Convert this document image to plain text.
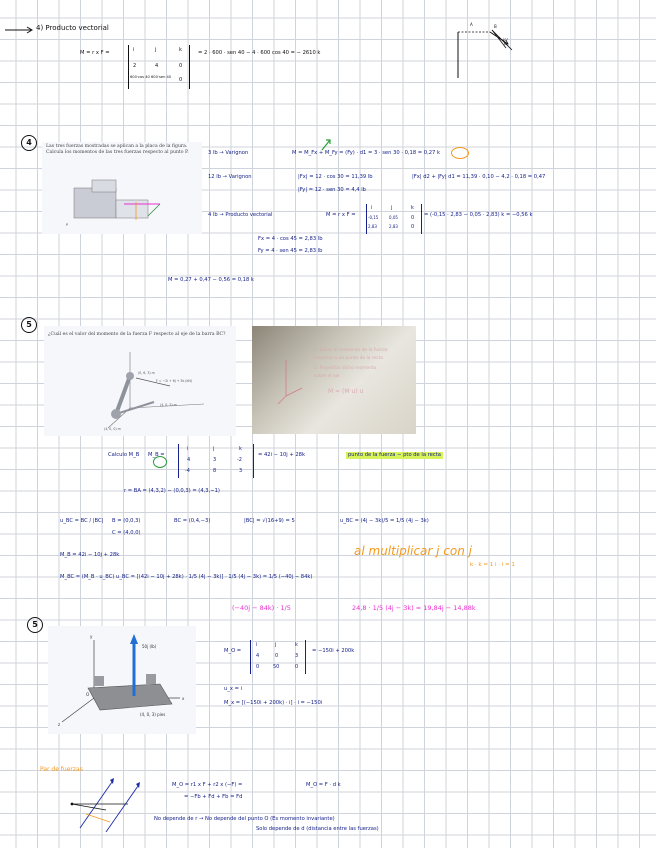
4) Producto vectorial
M = r x F =	i	j	k
2	4	0
600·cos 40 600·sen 40	0
= 2 · 600 · sen 40 − 4 · 600 cos 40 = − 2610 k
A	B
40°
4	Las tres fuerzas mostradas se aplican a la placa de la figura. Calcula los momentos de las tres fuerzas respecto al punto P.
P
3 lb → Varignon	M = M_Fx + M_Fy = (Fy) · d1 = 3 · sen 30 · 0,18 = 0,27 k
12 lb → Varignon	|Fx| = 12 · cos 30 = 11,39 lb
|Fy| = 12 · sen 30 = 4,4 lb
|Fx| d2 + |Fy| d1 = 11,39 · 0,10 − 4,2 · 0,18 = 0,47
4 lb → Producto vectorial	M = r x F =
i	j	k
-0,15	0,05	0
2,83	2,83	0
= (-0,15 · 2,83 − 0,05 · 2,83) k = −0,56 k
Fx = 4 · cos 45 = 2,83 lb
Fy = 4 · sen 45 = 2,83 lb
M = 0,27 + 0,47 − 0,56 = 0,18 k
5
¿Cuál es el valor del momento de la fuerza F respecto al eje de la barra BC?
(0, 6, 3) m
F = −2i + 6j + 3k (kN)
(4, 0, 2) m
(4, 0, 0) m
1. Saber el momento de la fuerza
respecto a un punto de la recta
2. Proyectar dicho momento
sobre el eje
M = (M·u) u
Calculo M_B M_B =
i	j	k
4	3	-2
-4	8	3
= 42i − 10j + 28k	punto de la fuerza − pto de la recta
r = BA = (4,3,2) − (0,0,3) = (4,3,−1)
u_BC = BC / |BC| B = (0,0,3)
C = (4,0,0)
BC = (0,4,−3)	|BC| = √(16+9) = 5	u_BC = (4j − 3k)/5 = 1/5 (4j − 3k)
M_B = 42i − 10j + 28k	al multiplicar j con j
k · k = 1 i · i = 1
M_BC = (M_B · u_BC) u_BC = [(42i − 10j + 28k) · 1/5 (4j − 3k)] · 1/5 (4j − 3k) = 1/5 (−40j − 84k)
(−40j − 84k) · 1/5	24,8 · 1/5 (4j − 3k) = 19,84j − 14,88k
5
y
x
z
O
50j (lb)
(4, 0, 3) pies
M_O =
i	j	k
4	0	3
0	50	0
= −150i + 200k
u_x = i
M_x = [(−150i + 200k) · i] · i = −150i
Par de fuerzas
M_O = r1 x F + r2 x (−F) =
= −Fb + Fd + Fb = Fd
M_O = F · d k
No depende de r → No depende del punto O (Es momento invariante)
Solo depende de d (distancia entre las fuerzas)
